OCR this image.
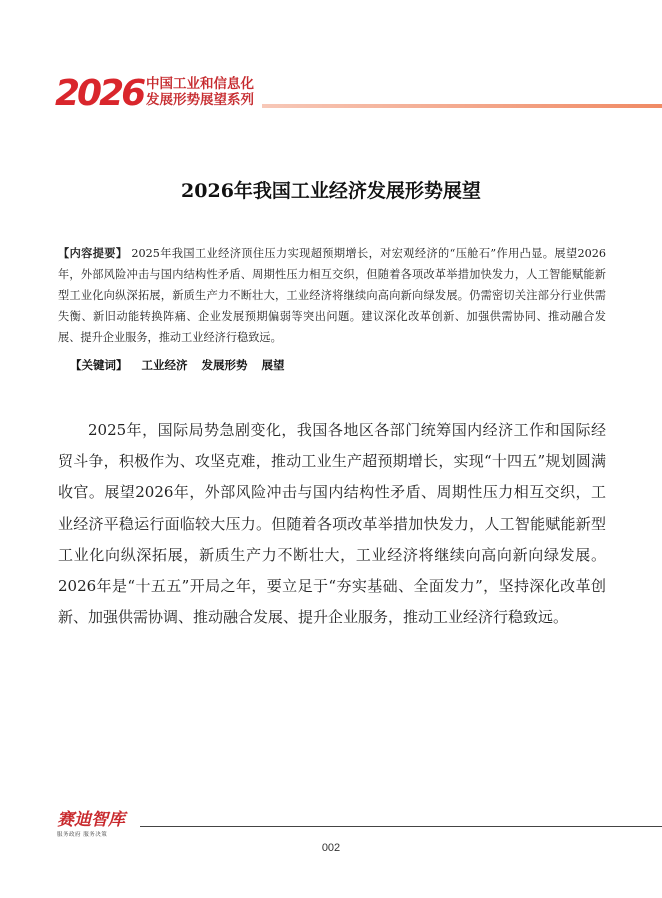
2026 中国工业和信息化
发展形势展望系列
2026年我国工业经济发展形势展望
【内容提要】 2025年我国工业经济顶住压力实现超预期增长，对宏观经济的“压舱石”作用凸显。展望2026年，外部风险冲击与国内结构性矛盾、周期性压力相互交织，但随着各项改革举措加快发力，人工智能赋能新型工业化向纵深拓展，新质生产力不断壮大，工业经济将继续向高向新向绿发展。仍需密切关注部分行业供需失衡、新旧动能转换阵痛、企业发展预期偏弱等突出问题。建议深化改革创新、加强供需协同、推动融合发展、提升企业服务，推动工业经济行稳致远。
【关键词】 工业经济 发展形势 展望
2025年，国际局势急剧变化，我国各地区各部门统筹国内经济工作和国际经贸斗争，积极作为、攻坚克难，推动工业生产超预期增长，实现“十四五”规划圆满收官。展望2026年，外部风险冲击与国内结构性矛盾、周期性压力相互交织，工业经济平稳运行面临较大压力。但随着各项改革举措加快发力，人工智能赋能新型工业化向纵深拓展，新质生产力不断壮大，工业经济将继续向高向新向绿发展。2026年是“十五五”开局之年，要立足于“夯实基础、全面发力”，坚持深化改革创新、加强供需协调、推动融合发展、提升企业服务，推动工业经济行稳致远。
赛迪智库
服务政府 服务决策
002
